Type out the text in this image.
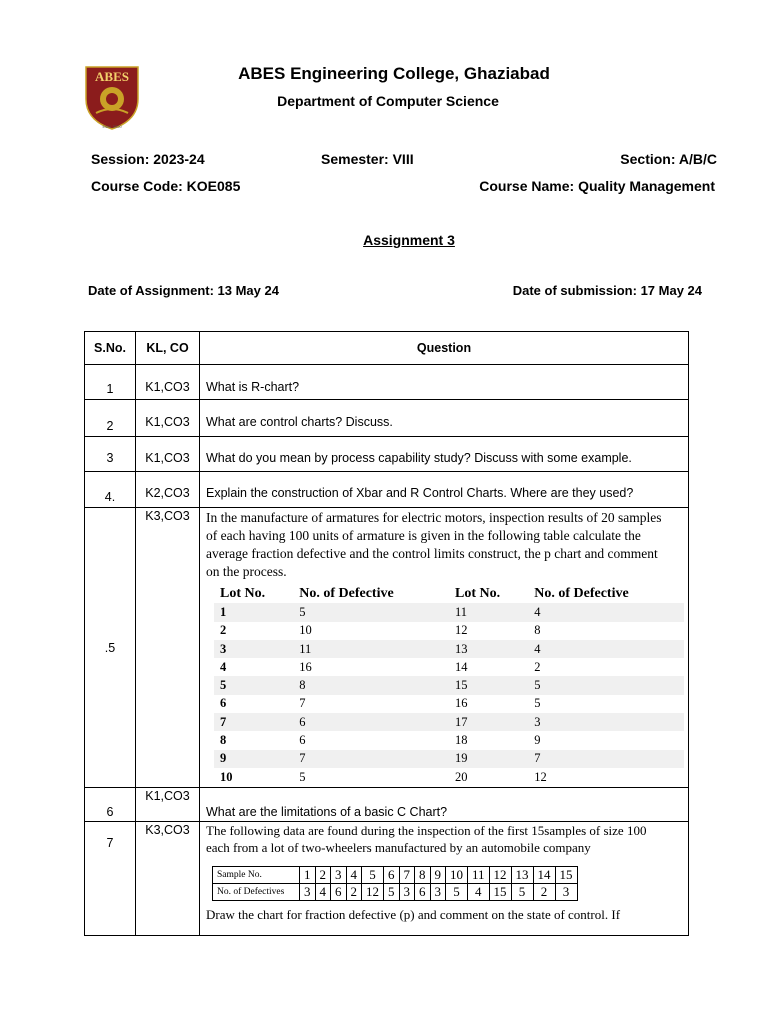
ABES
Estd. 2000
ABES Engineering College, Ghaziabad
Department of Computer Science
Session: 2023-24	Semester: VIII	Section: A/B/C
Course Code: KOE085	Course Name: Quality Management
Assignment 3
Date of Assignment: 13 May 24	Date of submission: 17 May 24
S.No.	KL, CO	Question
1	K1,CO3	What is R-chart?
2	K1,CO3	What are control charts? Discuss.
3	K1,CO3	What do you mean by process capability study? Discuss with some example.
4.	K2,CO3	Explain the construction of Xbar and R Control Charts. Where are they used?
.5	K3,CO3	In the manufacture of armatures for electric motors, inspection results of 20 samples of each having 100 units of armature is given in the following table calculate the average fraction defective and the control limits construct, the p chart and comment on the process.
Lot No.	No. of Defective	Lot No.	No. of Defective
1	5	11	4
2	10	12	8
3	11	13	4
4	16	14	2
5	8	15	5
6	7	16	5
7	6	17	3
8	6	18	9
9	7	19	7
10	5	20	12

6	K1,CO3	What are the limitations of a basic C Chart?
7	K3,CO3	The following data are found during the inspection of the first 15samples of size 100 each from a lot of two-wheelers manufactured by an automobile company
Sample No.	1	2	3	4	5	6	7	8	9	10	11	12	13	14	15
No. of Defectives	3	4	6	2	12	5	3	6	3	5	4	15	5	2	3
Draw the chart for fraction defective (p) and comment on the state of control. If
